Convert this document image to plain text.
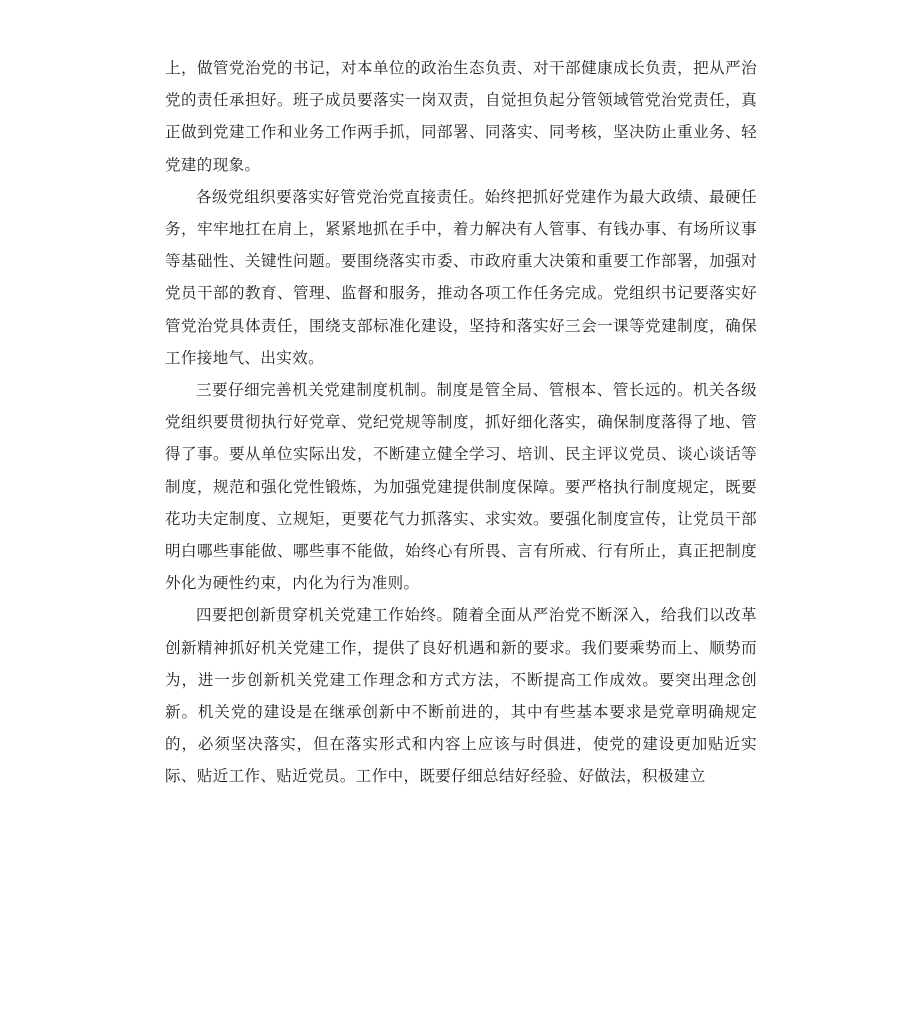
上，做管党治党的书记，对本单位的政治生态负责、对干部健康成长负责，把从严治党的责任承担好。班子成员要落实一岗双责，自觉担负起分管领域管党治党责任，真正做到党建工作和业务工作两手抓，同部署、同落实、同考核，坚决防止重业务、轻党建的现象。

各级党组织要落实好管党治党直接责任。始终把抓好党建作为最大政绩、最硬任务，牢牢地扛在肩上，紧紧地抓在手中，着力解决有人管事、有钱办事、有场所议事等基础性、关键性问题。要围绕落实市委、市政府重大决策和重要工作部署，加强对党员干部的教育、管理、监督和服务，推动各项工作任务完成。党组织书记要落实好管党治党具体责任，围绕支部标准化建设，坚持和落实好三会一课等党建制度，确保工作接地气、出实效。

三要仔细完善机关党建制度机制。制度是管全局、管根本、管长远的。机关各级党组织要贯彻执行好党章、党纪党规等制度，抓好细化落实，确保制度落得了地、管得了事。要从单位实际出发，不断建立健全学习、培训、民主评议党员、谈心谈话等制度，规范和强化党性锻炼，为加强党建提供制度保障。要严格执行制度规定，既要花功夫定制度、立规矩，更要花气力抓落实、求实效。要强化制度宣传，让党员干部明白哪些事能做、哪些事不能做，始终心有所畏、言有所戒、行有所止，真正把制度外化为硬性约束，内化为行为准则。

四要把创新贯穿机关党建工作始终。随着全面从严治党不断深入，给我们以改革创新精神抓好机关党建工作，提供了良好机遇和新的要求。我们要乘势而上、顺势而为，进一步创新机关党建工作理念和方式方法，不断提高工作成效。要突出理念创新。机关党的建设是在继承创新中不断前进的，其中有些基本要求是党章明确规定的，必须坚决落实，但在落实形式和内容上应该与时俱进，使党的建设更加贴近实际、贴近工作、贴近党员。工作中，既要仔细总结好经验、好做法，积极建立
